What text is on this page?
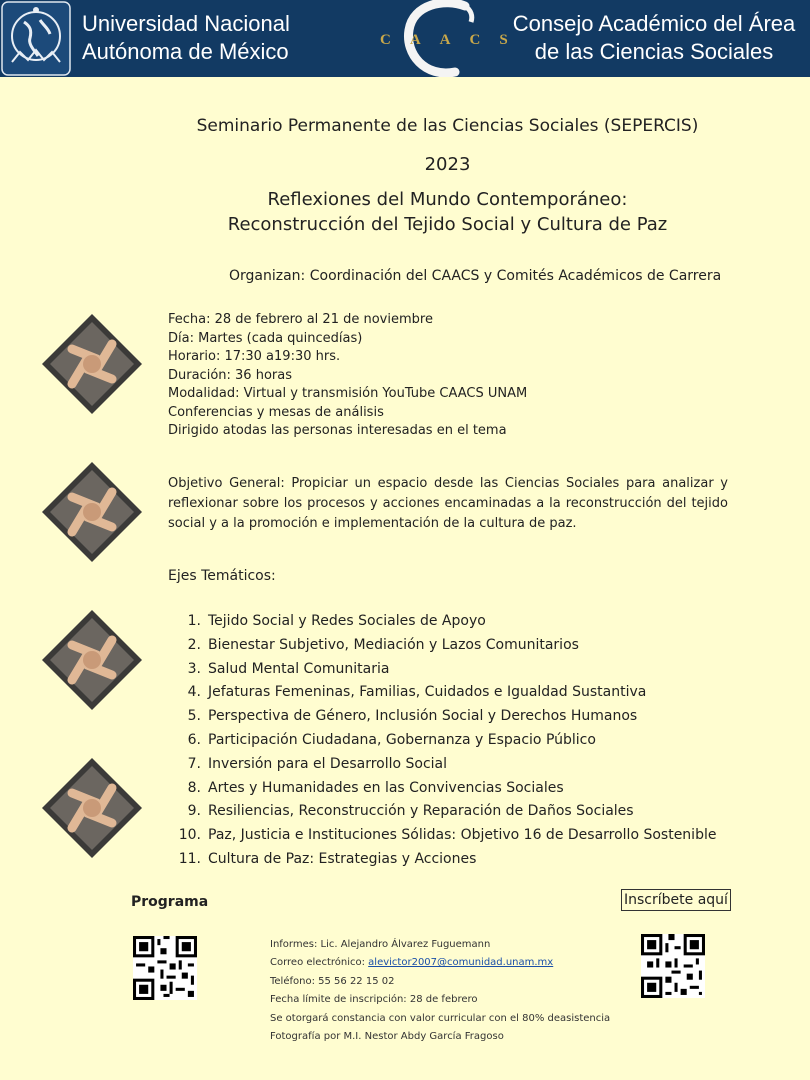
Universidad Nacional
Autónoma de México	CAACS
Consejo Académico del Área
de las Ciencias Sociales
Seminario Permanente de las Ciencias Sociales (SEPERCIS)
2023
Reflexiones del Mundo Contemporáneo:
Reconstrucción del Tejido Social y Cultura de Paz
Organizan: Coordinación del CAACS y Comités Académicos de Carrera
Fecha: 28 de febrero al 21 de noviembre
Día: Martes (cada quincedías)
Horario: 17:30 a19:30 hrs.
Duración: 36 horas
Modalidad: Virtual y transmisión YouTube CAACS UNAM
Conferencias y mesas de análisis
Dirigido atodas las personas interesadas en el tema
Objetivo General: Propiciar un espacio desde las Ciencias Sociales para analizar y reflexionar sobre los procesos y acciones encaminadas a la reconstrucción del tejido social y a la promoción e implementación de la cultura de paz.
Ejes Temáticos:
1. Tejido Social y Redes Sociales de Apoyo
2. Bienestar Subjetivo, Mediación y Lazos Comunitarios
3. Salud Mental Comunitaria
4. Jefaturas Femeninas, Familias, Cuidados e Igualdad Sustantiva
5. Perspectiva de Género, Inclusión Social y Derechos Humanos
6. Participación Ciudadana, Gobernanza y Espacio Público
7. Inversión para el Desarrollo Social
8. Artes y Humanidades en las Convivencias Sociales
9. Resiliencias, Reconstrucción y Reparación de Daños Sociales
10. Paz, Justicia e Instituciones Sólidas: Objetivo 16 de Desarrollo Sostenible
11. Cultura de Paz: Estrategias y Acciones
Programa	Inscríbete aquí
Informes: Lic. Alejandro Álvarez Fuguemann
Correo electrónico: alevictor2007@comunidad.unam.mx
Teléfono: 55 56 22 15 02
Fecha límite de inscripción: 28 de febrero
Se otorgará constancia con valor curricular con el 80% deasistencia
Fotografía por M.I. Nestor Abdy García Fragoso
